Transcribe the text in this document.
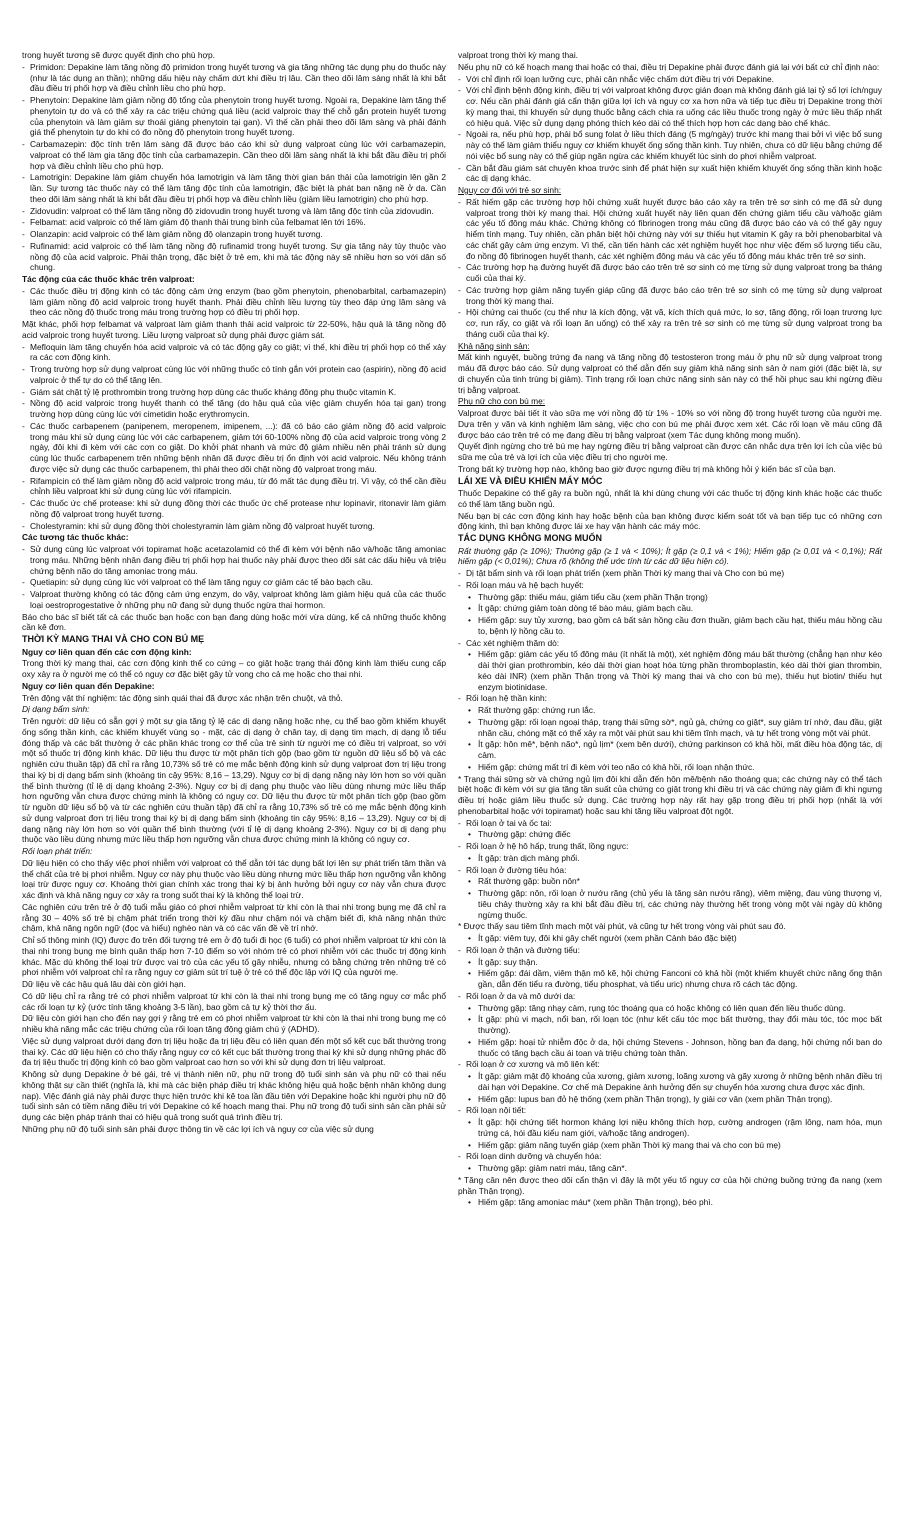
trong huyết tương sẽ được quyết định cho phù hợp.

- Primidon: Depakine làm tăng nồng độ primidon trong huyết tương và gia tăng những tác dụng phụ do thuốc này (như là tác dụng an thần); những dấu hiệu này chấm dứt khi điều trị lâu. Cần theo dõi lâm sàng nhất là khi bắt đầu điều trị phối hợp và điều chỉnh liều cho phù hợp.

- Phenytoin: Depakine làm giảm nồng độ tổng của phenytoin trong huyết tương. Ngoài ra, Depakine làm tăng thể phenytoin tự do và có thể xảy ra các triệu chứng quá liều (acid valproic thay thế chỗ gắn protein huyết tương của phenytoin và làm giảm sự thoái giáng phenytoin tại gan). Vì thế cần phải theo dõi lâm sàng và phải đánh giá thể phenytoin tự do khi có đo nồng độ phenytoin trong huyết tương.

- Carbamazepin: độc tính trên lâm sàng đã được báo cáo khi sử dụng valproat cùng lúc với carbamazepin, valproat có thể làm gia tăng độc tính của carbamazepin. Cần theo dõi lâm sàng nhất là khi bắt đầu điều trị phối hợp và điều chỉnh liều cho phù hợp.

- Lamotrigin: Depakine làm giảm chuyển hóa lamotrigin và làm tăng thời gian bán thải của lamotrigin lên gần 2 lần. Sự tương tác thuốc này có thể làm tăng độc tính của lamotrigin, đặc biệt là phát ban nặng nề ở da. Cần theo dõi lâm sàng nhất là khi bắt đầu điều trị phối hợp và điều chỉnh liều (giảm liều lamotrigin) cho phù hợp.

- Zidovudin: valproat có thể làm tăng nồng độ zidovudin trong huyết tương và làm tăng độc tính của zidovudin.

- Felbamat: acid valproic có thể làm giảm độ thanh thải trung bình của felbamat lên tới 16%.

- Olanzapin: acid valproic có thể làm giảm nồng độ olanzapin trong huyết tương.

- Rufinamid: acid valproic có thể làm tăng nồng độ rufinamid trong huyết tương. Sự gia tăng này tùy thuộc vào nồng độ của acid valproic. Phải thận trọng, đặc biệt ở trẻ em, khi mà tác động này sẽ nhiều hơn so với dân số chung.

Tác động của các thuốc khác trên valproat:

- Các thuốc điều trị động kinh có tác động cảm ứng enzym (bao gồm phenytoin, phenobarbital, carbamazepin) làm giảm nồng độ acid valproic trong huyết thanh. Phải điều chỉnh liều lượng tùy theo đáp ứng lâm sàng và theo các nồng độ thuốc trong máu trong trường hợp có điều trị phối hợp.

Mặt khác, phối hợp felbamat và valproat làm giảm thanh thải acid valproic từ 22-50%, hậu quả là tăng nồng độ acid valproic trong huyết tương. Liều lượng valproat sử dụng phải được giám sát.

- Mefloquin làm tăng chuyển hóa acid valproic và có tác động gây co giật; vì thế, khi điều trị phối hợp có thể xảy ra các cơn động kinh.

- Trong trường hợp sử dụng valproat cùng lúc với những thuốc có tính gắn với protein cao (aspirin), nồng độ acid valproic ở thể tự do có thể tăng lên.

- Giám sát chặt tỷ lệ prothrombin trong trường hợp dùng các thuốc kháng đông phụ thuộc vitamin K.

- Nồng độ acid valproic trong huyết thanh có thể tăng (do hậu quả của việc giảm chuyển hóa tại gan) trong trường hợp dùng cùng lúc với cimetidin hoặc erythromycin.

- Các thuốc carbapenem (panipenem, meropenem, imipenem, ...): đã có báo cáo giảm nồng độ acid valproic trong máu khi sử dụng cùng lúc với các carbapenem, giảm tới 60-100% nồng độ của acid valproic trong vòng 2 ngày, đôi khi đi kèm với các cơn co giật. Do khởi phát nhanh và mức độ giảm nhiều nên phải tránh sử dụng cùng lúc thuốc carbapenem trên những bệnh nhân đã được điều trị ổn định với acid valproic. Nếu không tránh được việc sử dụng các thuốc carbapenem, thì phải theo dõi chặt nồng độ valproat trong máu.

- Rifampicin có thể làm giảm nồng độ acid valproic trong máu, từ đó mất tác dụng điều trị. Vì vậy, có thể cần điều chỉnh liều valproat khi sử dụng cùng lúc với rifampicin.

- Các thuốc ức chế protease: khi sử dụng đồng thời các thuốc ức chế protease như lopinavir, ritonavir làm giảm nồng độ valproat trong huyết tương.

- Cholestyramin: khi sử dụng đồng thời cholestyramin làm giảm nồng độ valproat huyết tương.

Các tương tác thuốc khác:

- Sử dụng cùng lúc valproat với topiramat hoặc acetazolamid có thể đi kèm với bệnh não và/hoặc tăng amoniac trong máu. Những bệnh nhân đang điều trị phối hợp hai thuốc này phải được theo dõi sát các dấu hiệu và triệu chứng bệnh não do tăng amoniac trong máu.

- Quetiapin: sử dụng cùng lúc với valproat có thể làm tăng nguy cơ giảm các tế bào bạch cầu.

- Valproat thường không có tác động cảm ứng enzym, do vậy, valproat không làm giảm hiệu quả của các thuốc loại oestroprogestative ở những phụ nữ đang sử dụng thuốc ngừa thai hormon.

Báo cho bác sĩ biết tất cả các thuốc bạn hoặc con bạn đang dùng hoặc mới vừa dùng, kể cả những thuốc không cần kê đơn.

THỜI KỲ MANG THAI VÀ CHO CON BÚ MẸ

Nguy cơ liên quan đến các cơn động kinh:

Trong thời kỳ mang thai, các cơn động kinh thể co cứng – co giật hoặc trạng thái động kinh làm thiếu cung cấp oxy xảy ra ở người mẹ có thể có nguy cơ đặc biệt gây tử vong cho cả mẹ hoặc cho thai nhi.

Nguy cơ liên quan đến Depakine:

Trên động vật thí nghiệm: tác động sinh quái thai đã được xác nhận trên chuột, và thỏ.

Dị dạng bẩm sinh:

Trên người: dữ liệu có sẵn gợi ý một sự gia tăng tỷ lệ các dị dạng nặng hoặc nhẹ, cụ thể bao gồm khiếm khuyết ống sống thần kinh, các khiếm khuyết vùng sọ - mặt, các dị dạng ở chân tay, dị dạng tim mạch, dị dạng lỗ tiểu đóng thấp và các bất thường ở các phần khác trong cơ thể của trẻ sinh từ người mẹ có điều trị valproat, so với một số thuốc trị động kinh khác. Dữ liệu thu được từ một phân tích gộp (bao gồm từ nguồn dữ liệu sổ bộ và các nghiên cứu thuần tập) đã chỉ ra rằng 10,73% số trẻ có mẹ mắc bệnh động kinh sử dụng valproat đơn trị liệu trong thai kỳ bị dị dạng bẩm sinh (khoảng tin cậy 95%: 8,16 – 13,29). Nguy cơ bị dị dạng nặng này lớn hơn so với quần thể bình thường (tỉ lệ dị dạng khoảng 2-3%). Nguy cơ bị dị dạng phụ thuộc vào liều dùng nhưng mức liều thấp hơn ngưỡng vẫn chưa được chứng minh là không có nguy cơ. Dữ liệu thu được từ một phân tích gộp (bao gồm từ nguồn dữ liệu sổ bộ và từ các nghiên cứu thuần tập) đã chỉ ra rằng 10,73% số trẻ có mẹ mắc bệnh động kinh sử dụng valproat đơn trị liệu trong thai kỳ bị dị dạng bẩm sinh (khoảng tin cậy 95%: 8,16 – 13,29). Nguy cơ bị dị dạng nặng này lớn hơn so với quần thể bình thường (với tỉ lệ dị dạng khoảng 2-3%). Nguy cơ bị dị dạng phụ thuộc vào liều dùng nhưng mức liều thấp hơn ngưỡng vẫn chưa được chứng minh là không có nguy cơ.

Rối loạn phát triển:

Dữ liệu hiện có cho thấy việc phơi nhiễm với valproat có thể dẫn tới tác dụng bất lợi lên sự phát triển tâm thần và thể chất của trẻ bị phơi nhiễm. Nguy cơ này phụ thuộc vào liều dùng nhưng mức liều thấp hơn ngưỡng vẫn không loại trừ được nguy cơ. Khoảng thời gian chính xác trong thai kỳ bị ảnh hưởng bởi nguy cơ này vẫn chưa được xác định và khả năng nguy cơ xảy ra trong suốt thai kỳ là không thể loại trừ.

Các nghiên cứu trên trẻ ở độ tuổi mẫu giáo có phơi nhiễm valproat từ khi còn là thai nhi trong bụng mẹ đã chỉ ra rằng 30 – 40% số trẻ bị chậm phát triển trong thời kỳ đầu như chậm nói và chậm biết đi, khả năng nhận thức chậm, khả năng ngôn ngữ (đọc và hiểu) nghèo nàn và có các vấn đề về trí nhớ.

Chỉ số thông minh (IQ) được đo trên đối tượng trẻ em ở độ tuổi đi học (6 tuổi) có phơi nhiễm valproat từ khi còn là thai nhi trong bụng mẹ bình quân thấp hơn 7-10 điểm so với nhóm trẻ có phơi nhiễm với các thuốc trị động kinh khác. Mặc dù không thể loại trừ được vai trò của các yếu tố gây nhiễu, nhưng có bằng chứng trên những trẻ có phơi nhiễm với valproat chỉ ra rằng nguy cơ giảm sút trí tuệ ở trẻ có thể độc lập với IQ của người mẹ.

Dữ liệu về các hậu quả lâu dài còn giới hạn.

Có dữ liệu chỉ ra rằng trẻ có phơi nhiễm valproat từ khi còn là thai nhi trong bụng mẹ có tăng nguy cơ mắc phổ các rối loạn tự kỷ (ước tính tăng khoảng 3-5 lần), bao gồm cả tự kỷ thời thơ ấu.

Dữ liệu còn giới hạn cho đến nay gợi ý rằng trẻ em có phơi nhiễm valproat từ khi còn là thai nhi trong bụng mẹ có nhiều khả năng mắc các triệu chứng của rối loạn tăng động giảm chú ý (ADHD).

Việc sử dụng valproat dưới dạng đơn trị liệu hoặc đa trị liệu đều có liên quan đến một số kết cục bất thường trong thai kỳ. Các dữ liệu hiện có cho thấy rằng nguy cơ có kết cục bất thường trong thai kỳ khi sử dụng những phác đồ đa trị liệu thuốc trị động kinh có bao gồm valproat cao hơn so với khi sử dụng đơn trị liệu valproat.

Không sử dụng Depakine ở bé gái, trẻ vị thành niên nữ, phụ nữ trong độ tuổi sinh sản và phụ nữ có thai nếu không thật sự cần thiết (nghĩa là, khi mà các biện pháp điều trị khác không hiệu quả hoặc bệnh nhân không dung nạp). Việc đánh giá này phải được thực hiện trước khi kê toa lần đầu tiên với Depakine hoặc khi người phụ nữ độ tuổi sinh sản có tiềm năng điều trị với Depakine có kế hoạch mang thai. Phụ nữ trong độ tuổi sinh sản cần phải sử dụng các biện pháp tránh thai có hiệu quả trong suốt quá trình điều trị.

Những phụ nữ độ tuổi sinh sản phải được thông tin về các lợi ích và nguy cơ của việc sử dụng

valproat trong thời kỳ mang thai.

Nếu phụ nữ có kế hoạch mang thai hoặc có thai, điều trị Depakine phải được đánh giá lại với bất cứ chỉ định nào:

- Với chỉ định rối loạn lưỡng cực, phải cân nhắc việc chấm dứt điều trị với Depakine.

- Với chỉ định bệnh động kinh, điều trị với valproat không được gián đoạn mà không đánh giá lại tỷ số lợi ích/nguy cơ. Nếu cần phải đánh giá cẩn thận giữa lợi ích và nguy cơ xa hơn nữa và tiếp tục điều trị Depakine trong thời kỳ mang thai, thì khuyến sử dụng thuốc bằng cách chia ra uống các liều thuốc trong ngày ở mức liều thấp nhất có hiệu quả. Việc sử dụng dạng phóng thích kéo dài có thể thích hợp hơn các dạng bào chế khác.

- Ngoài ra, nếu phù hợp, phải bổ sung folat ở liều thích đáng (5 mg/ngày) trước khi mang thai bởi vì việc bổ sung này có thể làm giảm thiểu nguy cơ khiếm khuyết ống sống thần kinh. Tuy nhiên, chưa có dữ liệu bằng chứng để nói việc bổ sung này có thể giúp ngăn ngừa các khiếm khuyết lúc sinh do phơi nhiễm valproat.

- Cần bắt đầu giám sát chuyên khoa trước sinh để phát hiện sự xuất hiện khiếm khuyết ống sống thần kinh hoặc các dị dạng khác.

Nguy cơ đối với trẻ sơ sinh:

- Rất hiếm gặp các trường hợp hội chứng xuất huyết được báo cáo xảy ra trên trẻ sơ sinh có mẹ đã sử dụng valproat trong thời kỳ mang thai. Hội chứng xuất huyết này liên quan đến chứng giảm tiểu cầu và/hoặc giảm các yếu tố đông máu khác. Chứng không có fibrinogen trong máu cũng đã được báo cáo và có thể gây nguy hiểm tính mạng. Tuy nhiên, cần phân biệt hội chứng này với sự thiếu hụt vitamin K gây ra bởi phenobarbital và các chất gây cảm ứng enzym. Vì thế, cần tiến hành các xét nghiệm huyết học như việc đếm số lượng tiểu cầu, đo nồng độ fibrinogen huyết thanh, các xét nghiệm đông máu và các yếu tố đông máu khác trên trẻ sơ sinh.

- Các trường hợp hạ đường huyết đã được báo cáo trên trẻ sơ sinh có mẹ từng sử dụng valproat trong ba tháng cuối của thai kỳ.

- Các trường hợp giảm năng tuyến giáp cũng đã được báo cáo trên trẻ sơ sinh có mẹ từng sử dụng valproat trong thời kỳ mang thai.

- Hội chứng cai thuốc (cụ thể như là kích động, vật vã, kích thích quá mức, lo sợ, tăng động, rối loạn trương lực cơ, run rẩy, co giật và rối loạn ăn uống) có thể xảy ra trên trẻ sơ sinh có mẹ từng sử dụng valproat trong ba tháng cuối của thai kỳ.

Khả năng sinh sản:

Mất kinh nguyệt, buồng trứng đa nang và tăng nồng độ testosteron trong máu ở phụ nữ sử dụng valproat trong máu đã được báo cáo. Sử dụng valproat có thể dẫn đến suy giảm khả năng sinh sản ở nam giới (đặc biệt là, sự di chuyển của tinh trùng bị giảm). Tình trạng rối loạn chức năng sinh sản này có thể hồi phục sau khi ngừng điều trị bằng valproat.

Phụ nữ cho con bú mẹ:

Valproat được bài tiết ít vào sữa mẹ với nồng độ từ 1% - 10% so với nồng độ trong huyết tương của người mẹ. Dựa trên y văn và kinh nghiệm lâm sàng, việc cho con bú mẹ phải được xem xét. Các rối loạn về máu cũng đã được báo cáo trên trẻ có mẹ đang điều trị bằng valproat (xem Tác dụng không mong muốn).

Quyết định ngừng cho trẻ bú mẹ hay ngừng điều trị bằng valproat cần được cân nhắc dựa trên lợi ích của việc bú sữa mẹ của trẻ và lợi ích của việc điều trị cho người mẹ.

Trong bất kỳ trường hợp nào, không bao giờ được ngưng điều trị mà không hỏi ý kiến bác sĩ của bạn.

LÁI XE VÀ ĐIỀU KHIỂN MÁY MÓC

Thuốc Depakine có thể gây ra buồn ngủ, nhất là khi dùng chung với các thuốc trị động kinh khác hoặc các thuốc có thể làm tăng buồn ngủ.

Nếu bạn bị các cơn động kinh hay hoặc bệnh của bạn không được kiểm soát tốt và bạn tiếp tục có những cơn động kinh, thì bạn không được lái xe hay vận hành các máy móc.

TÁC DỤNG KHÔNG MONG MUỐN

Rất thường gặp (≥ 10%); Thường gặp (≥ 1 và < 10%); Ít gặp (≥ 0,1 và < 1%); Hiếm gặp (≥ 0,01 và < 0,1%); Rất hiếm gặp (< 0,01%); Chưa rõ (không thể ước tính từ các dữ liệu hiện có).

- Dị tật bẩm sinh và rối loạn phát triển (xem phần Thời kỳ mang thai và Cho con bú mẹ)

- Rối loạn máu và hệ bạch huyết:

• Thường gặp: thiếu máu, giảm tiểu cầu (xem phần Thận trọng)

• Ít gặp: chứng giảm toàn dòng tế bào máu, giảm bạch cầu.

• Hiếm gặp: suy tủy xương, bao gồm cả bất sản hồng cầu đơn thuần, giảm bạch cầu hạt, thiếu máu hồng cầu to, bệnh lý hồng cầu to.

- Các xét nghiệm thăm dò:

• Hiếm gặp: giảm các yếu tố đông máu (ít nhất là một), xét nghiệm đông máu bất thường (chẳng hạn như kéo dài thời gian prothrombin, kéo dài thời gian hoạt hóa từng phần thromboplastin, kéo dài thời gian thrombin, kéo dài INR) (xem phần Thận trọng và Thời kỳ mang thai và cho con bú mẹ), thiếu hụt biotin/ thiếu hụt enzym biotinidase.

- Rối loạn hệ thần kinh:

• Rất thường gặp: chứng run lắc.

• Thường gặp: rối loạn ngoại tháp, trạng thái sững sờ*, ngủ gà, chứng co giật*, suy giảm trí nhớ, đau đầu, giật nhãn cầu, chóng mặt có thể xảy ra một vài phút sau khi tiêm tĩnh mạch, và tự hết trong vòng một vài phút.

• Ít gặp: hôn mê*, bệnh não*, ngủ lịm* (xem bên dưới), chứng parkinson có khả hồi, mất điều hòa động tác, dị cảm.

• Hiếm gặp: chứng mất trí đi kèm với teo não có khả hồi, rối loạn nhận thức.

* Trạng thái sững sờ và chứng ngủ lịm đôi khi dẫn đến hôn mê/bệnh não thoáng qua; các chứng này có thể tách biệt hoặc đi kèm với sự gia tăng tần suất của chứng co giật trong khi điều trị và các chứng này giảm đi khi ngưng điều trị hoặc giảm liều thuốc sử dụng. Các trường hợp này rất hay gặp trong điều trị phối hợp (nhất là với phenobarbital hoặc với topiramat) hoặc sau khi tăng liều valproat đột ngột.

- Rối loạn ở tai và ốc tai:

• Thường gặp: chứng điếc

- Rối loạn ở hệ hô hấp, trung thất, lồng ngực:

• Ít gặp: tràn dịch màng phổi.

- Rối loạn ở đường tiêu hóa:

• Rất thường gặp: buồn nôn*

• Thường gặp: nôn, rối loạn ở nướu răng (chủ yếu là tăng sản nướu răng), viêm miệng, đau vùng thượng vị, tiêu chảy thường xảy ra khi bắt đầu điều trị, các chứng này thường hết trong vòng một vài ngày dù không ngừng thuốc.

* Được thấy sau tiêm tĩnh mạch một vài phút, và cũng tự hết trong vòng vài phút sau đó.

• Ít gặp: viêm tụy, đôi khi gây chết người (xem phần Cảnh báo đặc biệt)

- Rối loạn ở thận và đường tiểu:

• Ít gặp: suy thận.

• Hiếm gặp: đái dầm, viêm thận mô kẽ, hội chứng Fanconi có khả hồi (một khiếm khuyết chức năng ống thận gần, dẫn đến tiểu ra đường, tiểu phosphat, và tiểu uric) nhưng chưa rõ cách tác động.

- Rối loạn ở da và mô dưới da:

• Thường gặp: tăng nhạy cảm, rụng tóc thoáng qua có hoặc không có liên quan đến liều thuốc dùng.

• Ít gặp: phù vi mạch, nổi ban, rối loạn tóc (như kết cấu tóc mọc bất thường, thay đổi màu tóc, tóc mọc bất thường).

• Hiếm gặp: hoại tử nhiễm độc ở da, hội chứng Stevens - Johnson, hồng ban đa dạng, hội chứng nổi ban do thuốc có tăng bạch cầu ái toan và triệu chứng toàn thân.

- Rối loạn ở cơ xương và mô liên kết:

• Ít gặp: giảm mật độ khoáng của xương, giảm xương, loãng xương và gãy xương ở những bệnh nhân điều trị dài hạn với Depakine. Cơ chế mà Depakine ảnh hưởng đến sự chuyển hóa xương chưa được xác định.

• Hiếm gặp: lupus ban đỏ hệ thống (xem phần Thận trọng), ly giải cơ vân (xem phần Thận trọng).

- Rối loạn nội tiết:

• Ít gặp: hội chứng tiết hormon kháng lợi niệu không thích hợp, cường androgen (rậm lông, nam hóa, mụn trứng cá, hói đầu kiểu nam giới, và/hoặc tăng androgen).

• Hiếm gặp: giảm năng tuyến giáp (xem phần Thời kỳ mang thai và cho con bú mẹ)

- Rối loạn dinh dưỡng và chuyển hóa:

• Thường gặp: giảm natri máu, tăng cân*.

* Tăng cân nên được theo dõi cẩn thận vì đây là một yếu tố nguy cơ của hội chứng buồng trứng đa nang (xem phần Thận trọng).

• Hiếm gặp: tăng amoniac máu* (xem phần Thận trọng), béo phì.
